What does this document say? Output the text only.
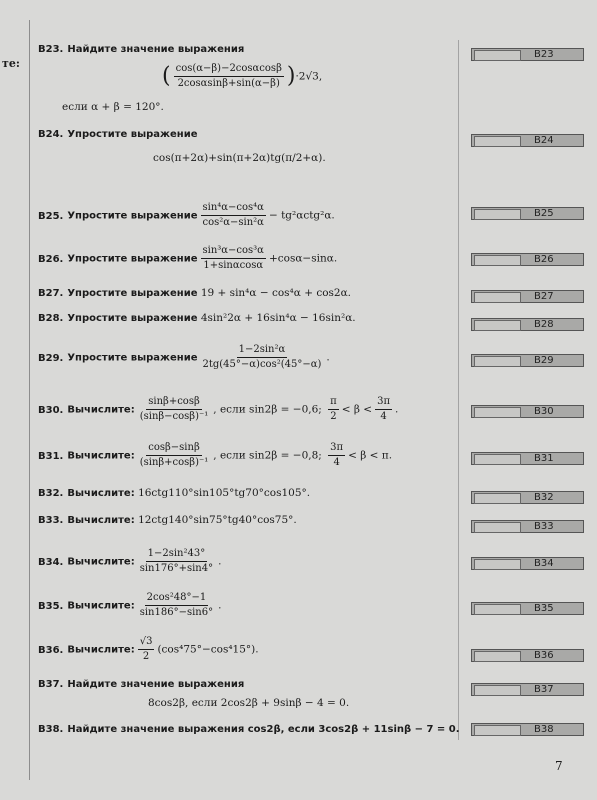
те:
B23. Найдите значение выражения
( $\frac{\cos(\alpha-\beta)-2\cos\alpha\cos\beta}{2\cos\alpha\sin\beta+\sin(\alpha-\beta)} )\cdot 2√3$,
если α + β = 120°.
B24. Упростите выражение
cos(π+2α)+sin(π+2α)tg(π/2+α).
B25. Упростите выражение $\frac{\text{sin⁴α−cos⁴α}}{\text{cos²α−sin²α}} - tg^2\alpha ctg^2\alpha$.
B26. Упростите выражение $\frac{\text{sin³α−cos³α}}{1+\sin\alpha\cos\alpha} +\cos\alpha-\sin\alpha$.
B27. Упростите выражение 19 + sin⁴α − cos⁴α + cos2α.
B28. Упростите выражение 4sin²2α + 16sin⁴α − 16sin²α.
B29. Упростите выражение $\frac{\text{1−2sin²α}}{\text{2tg(45°−α)cos²(45°−α)}}$ .
B30. Вычислите: $\frac{\sin\beta+\cos\beta}{\text{(sinβ−cosβ)⁻¹}}$ , если sin2β = −0,6; $\frac{\pi}{2} < \beta < \frac{3\pi}{4}$ .
B31. Вычислите: $\frac{\cos\beta-\sin\beta}{\text{(sinβ+cosβ)⁻¹}}$ , если sin2β = −0,8; $\frac{3\pi}{4} < \beta < \pi$.
B32. Вычислите: 16ctg110°sin105°tg70°cos105°.
B33. Вычислите: 12ctg140°sin75°tg40°cos75°.
B34. Вычислите: $\frac{\text{1−2sin²43°}}{\sin 176^\circ+\sin 4^\circ}$ .
B35. Вычислите: $\frac{\text{2cos²48°−1}}{\sin 186^\circ-\sin 6^\circ}$ .
B36. Вычислите: $\frac{√3}{2} (\cos^475^\circ-\cos^415^\circ)$.
B37. Найдите значение выражения
8cos2β, если 2cos2β + 9sinβ − 4 = 0.
B38. Найдите значение выражения cos2β, если 3cos2β + 11sinβ − 7 = 0.
B23
B24
B25
B26
B27
B28
B29
B30
B31
B32
B33
B34
B35
B36
B37
B38
7
